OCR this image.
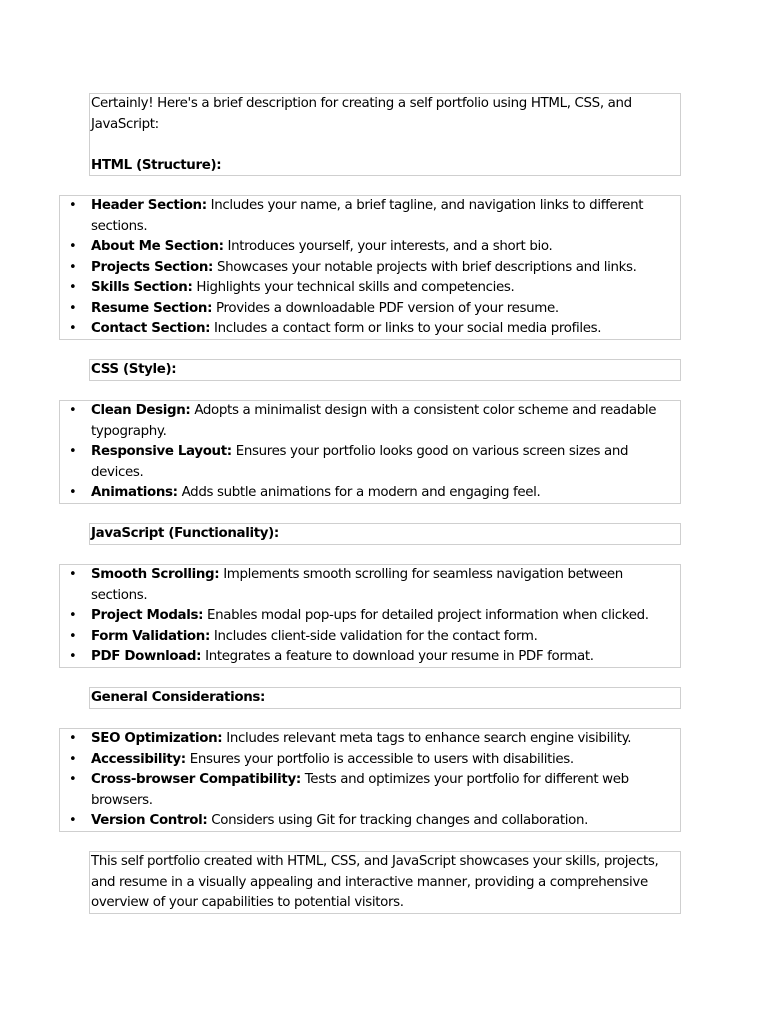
Certainly! Here's a brief description for creating a self portfolio using HTML, CSS, and JavaScript:
HTML (Structure):
• Header Section: Includes your name, a brief tagline, and navigation links to different sections.
• About Me Section: Introduces yourself, your interests, and a short bio.
• Projects Section: Showcases your notable projects with brief descriptions and links.
• Skills Section: Highlights your technical skills and competencies.
• Resume Section: Provides a downloadable PDF version of your resume.
• Contact Section: Includes a contact form or links to your social media profiles.
CSS (Style):
• Clean Design: Adopts a minimalist design with a consistent color scheme and readable typography.
• Responsive Layout: Ensures your portfolio looks good on various screen sizes and devices.
• Animations: Adds subtle animations for a modern and engaging feel.
JavaScript (Functionality):
• Smooth Scrolling: Implements smooth scrolling for seamless navigation between sections.
• Project Modals: Enables modal pop-ups for detailed project information when clicked.
• Form Validation: Includes client-side validation for the contact form.
• PDF Download: Integrates a feature to download your resume in PDF format.
General Considerations:
• SEO Optimization: Includes relevant meta tags to enhance search engine visibility.
• Accessibility: Ensures your portfolio is accessible to users with disabilities.
• Cross-browser Compatibility: Tests and optimizes your portfolio for different web browsers.
• Version Control: Considers using Git for tracking changes and collaboration.
This self portfolio created with HTML, CSS, and JavaScript showcases your skills, projects, and resume in a visually appealing and interactive manner, providing a comprehensive overview of your capabilities to potential visitors.
